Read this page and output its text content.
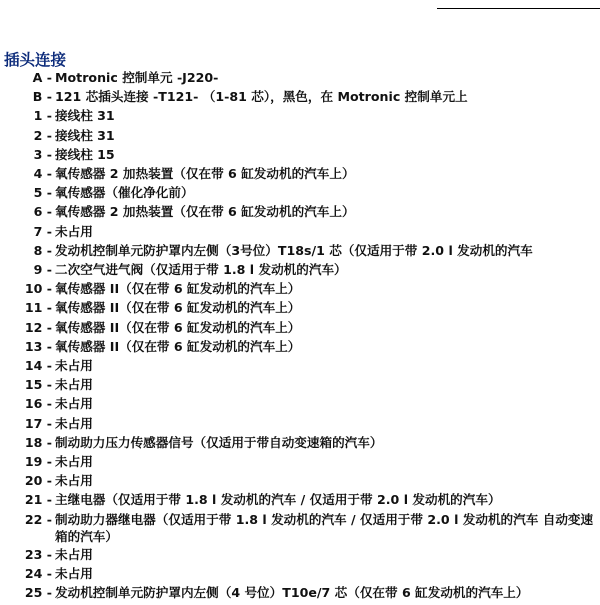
插头连接
A - Motronic 控制单元 -J220-
B - 121 芯插头连接 -T121- （1-81 芯），黑色，在 Motronic 控制单元上
1 - 接线柱 31
2 - 接线柱 31
3 - 接线柱 15
4 - 氧传感器 2 加热装置（仅在带 6 缸发动机的汽车上）
5 - 氧传感器（催化净化前）
6 - 氧传感器 2 加热装置（仅在带 6 缸发动机的汽车上）
7 - 未占用
8 - 发动机控制单元防护罩内左侧（3号位）T18s/1 芯（仅适用于带 2.0 l 发动机的汽车
9 - 二次空气进气阀（仅适用于带 1.8 l 发动机的汽车）
10 - 氧传感器 II（仅在带 6 缸发动机的汽车上）
11 - 氧传感器 II（仅在带 6 缸发动机的汽车上）
12 - 氧传感器 II（仅在带 6 缸发动机的汽车上）
13 - 氧传感器 II（仅在带 6 缸发动机的汽车上）
14 - 未占用
15 - 未占用
16 - 未占用
17 - 未占用
18 - 制动助力压力传感器信号（仅适用于带自动变速箱的汽车）
19 - 未占用
20 - 未占用
21 - 主继电器（仅适用于带 1.8 l 发动机的汽车 / 仅适用于带 2.0 l 发动机的汽车）
22 - 制动助力器继电器（仅适用于带 1.8 l 发动机的汽车 / 仅适用于带 2.0 l 发动机的汽车 自动变速箱的汽车）
23 - 未占用
24 - 未占用
25 - 发动机控制单元防护罩内左侧（4 号位）T10e/7 芯（仅在带 6 缸发动机的汽车上）
